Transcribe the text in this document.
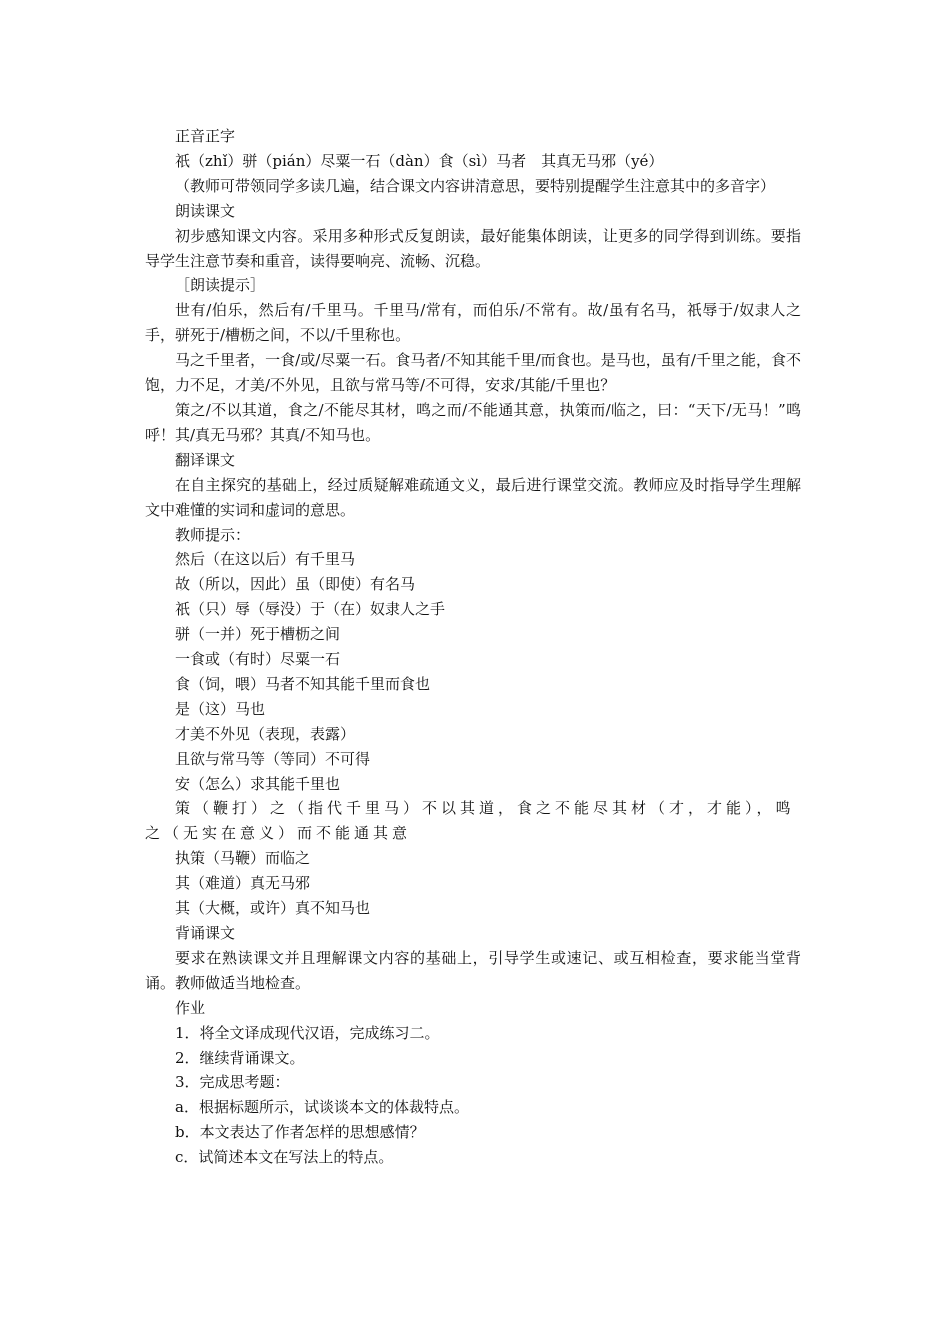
正音正字

祇（zhǐ）骈（pián）尽粟一石（dàn）食（sì）马者　其真无马邪（yé）

（教师可带领同学多读几遍，结合课文内容讲清意思，要特别提醒学生注意其中的多音字）

朗读课文

初步感知课文内容。采用多种形式反复朗读，最好能集体朗读，让更多的同学得到训练。要指导学生注意节奏和重音，读得要响亮、流畅、沉稳。

［朗读提示］

世有/伯乐，然后有/千里马。千里马/常有，而伯乐/不常有。故/虽有名马，祇辱于/奴隶人之手，骈死于/槽枥之间，不以/千里称也。

马之千里者，一食/或/尽粟一石。食马者/不知其能千里/而食也。是马也，虽有/千里之能，食不饱，力不足，才美/不外见，且欲与常马等/不可得，安求/其能/千里也？

策之/不以其道，食之/不能尽其材，鸣之而/不能通其意，执策而/临之，曰：“天下/无马！”鸣呼！其/真无马邪？其真/不知马也。

翻译课文

在自主探究的基础上，经过质疑解难疏通文义，最后进行课堂交流。教师应及时指导学生理解文中难懂的实词和虚词的意思。

教师提示：

然后（在这以后）有千里马

故（所以，因此）虽（即使）有名马

祇（只）辱（辱没）于（在）奴隶人之手

骈（一并）死于槽枥之间

一食或（有时）尽粟一石

食（饲，喂）马者不知其能千里而食也

是（这）马也

才美不外见（表现，表露）

且欲与常马等（等同）不可得

安（怎么）求其能千里也

策（鞭打）之（指代千里马）不以其道，食之不能尽其材（才，才能），鸣之（无实在意义）而不能通其意

执策（马鞭）而临之

其（难道）真无马邪

其（大概，或许）真不知马也

背诵课文

要求在熟读课文并且理解课文内容的基础上，引导学生或速记、或互相检查，要求能当堂背诵。教师做适当地检查。

作业

1．将全文译成现代汉语，完成练习二。

2．继续背诵课文。

3．完成思考题：

a．根据标题所示，试谈谈本文的体裁特点。

b．本文表达了作者怎样的思想感情？

c．试简述本文在写法上的特点。
